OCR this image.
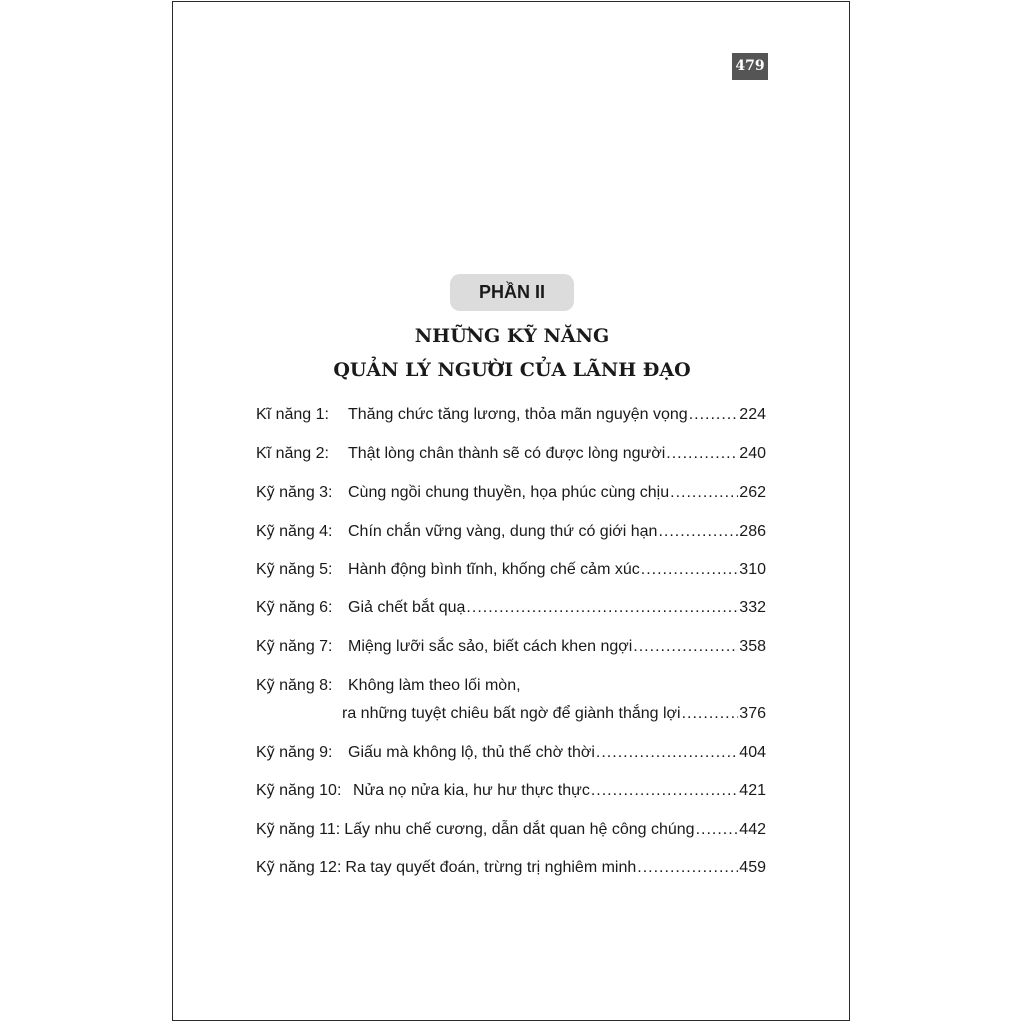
479
PHẦN II
NHỮNG KỸ NĂNG
QUẢN LÝ NGƯỜI CỦA LÃNH ĐẠO
Kĩ năng 1:	Thăng chức tăng lương, thỏa mãn nguyện vọng .....	224
Kĩ năng 2:	Thật lòng chân thành sẽ có được lòng người .....	240
Kỹ năng 3: Cùng ngồi chung thuyền, họa phúc cùng chịu .....	262
Kỹ năng 4: Chín chắn vững vàng, dung thứ có giới hạn .....	286
Kỹ năng 5: Hành động bình tĩnh, khống chế cảm xúc .....	310
Kỹ năng 6: Giả chết bắt quạ .....	332
Kỹ năng 7: Miệng lưỡi sắc sảo, biết cách khen ngợi .....	358
Kỹ năng 8: Không làm theo lối mòn,
ra những tuyệt chiêu bất ngờ để giành thắng lợi .....	376
Kỹ năng 9: Giấu mà không lộ, thủ thế chờ thời .....	404
Kỹ năng 10: Nửa nọ nửa kia, hư hư thực thực .....	421
Kỹ năng 11: Lấy nhu chế cương, dẫn dắt quan hệ công chúng .....	442
Kỹ năng 12: Ra tay quyết đoán, trừng trị nghiêm minh .....	459
